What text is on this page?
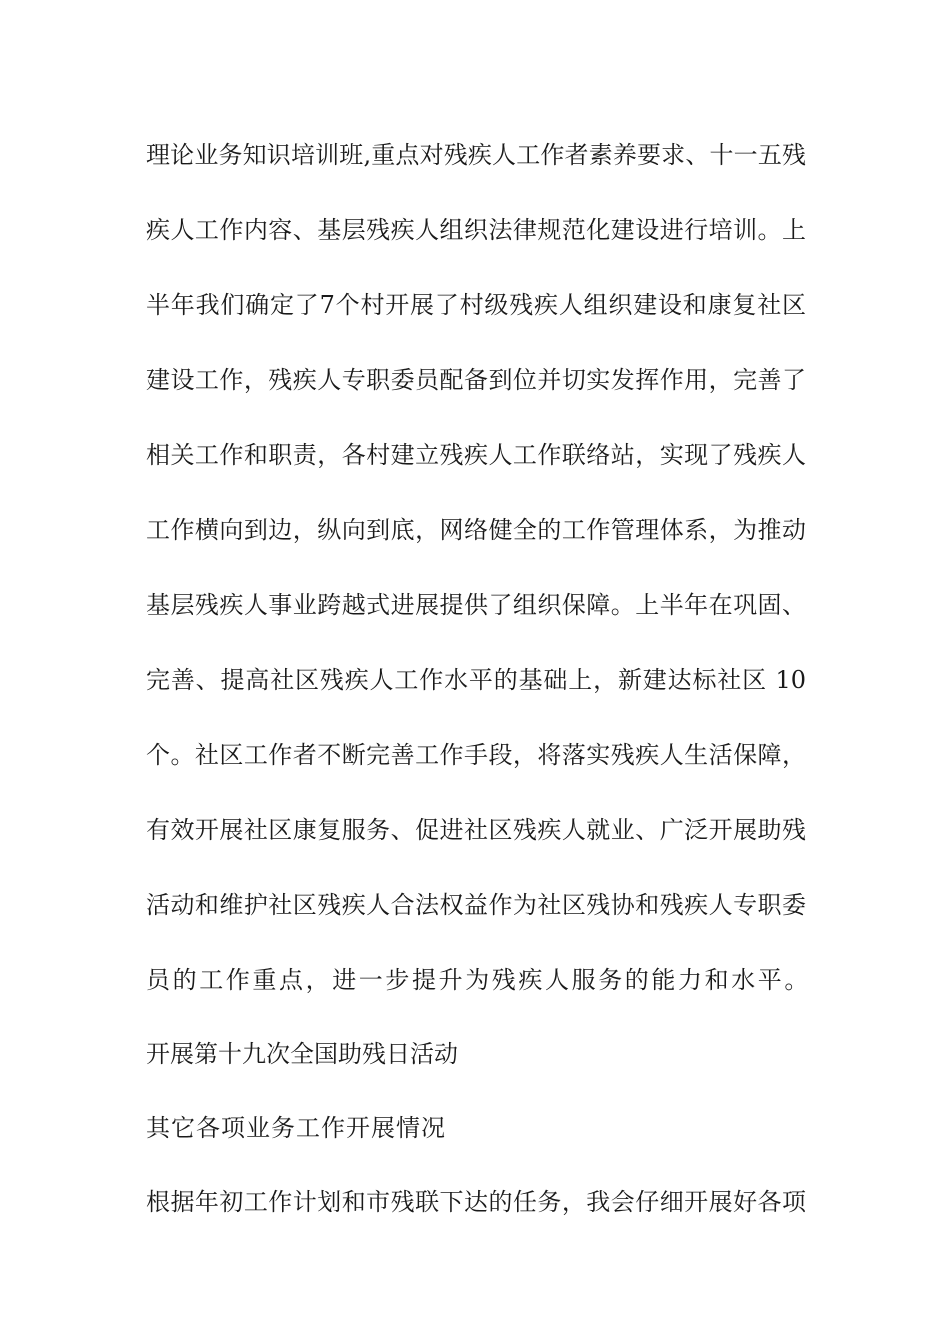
理论业务知识培训班,重点对残疾人工作者素养要求、十一五残
疾人工作内容、基层残疾人组织法律规范化建设进行培训。上
半年我们确定了7个村开展了村级残疾人组织建设和康复社区
建设工作，残疾人专职委员配备到位并切实发挥作用，完善了
相关工作和职责，各村建立残疾人工作联络站，实现了残疾人
工作横向到边，纵向到底，网络健全的工作管理体系，为推动
基层残疾人事业跨越式进展提供了组织保障。上半年在巩固、
完善、提高社区残疾人工作水平的基础上，新建达标社区 10
个。社区工作者不断完善工作手段，将落实残疾人生活保障，
有效开展社区康复服务、促进社区残疾人就业、广泛开展助残
活动和维护社区残疾人合法权益作为社区残协和残疾人专职委
员的工作重点，进一步提升为残疾人服务的能力和水平。
开展第十九次全国助残日活动
其它各项业务工作开展情况
根据年初工作计划和市残联下达的任务，我会仔细开展好各项
